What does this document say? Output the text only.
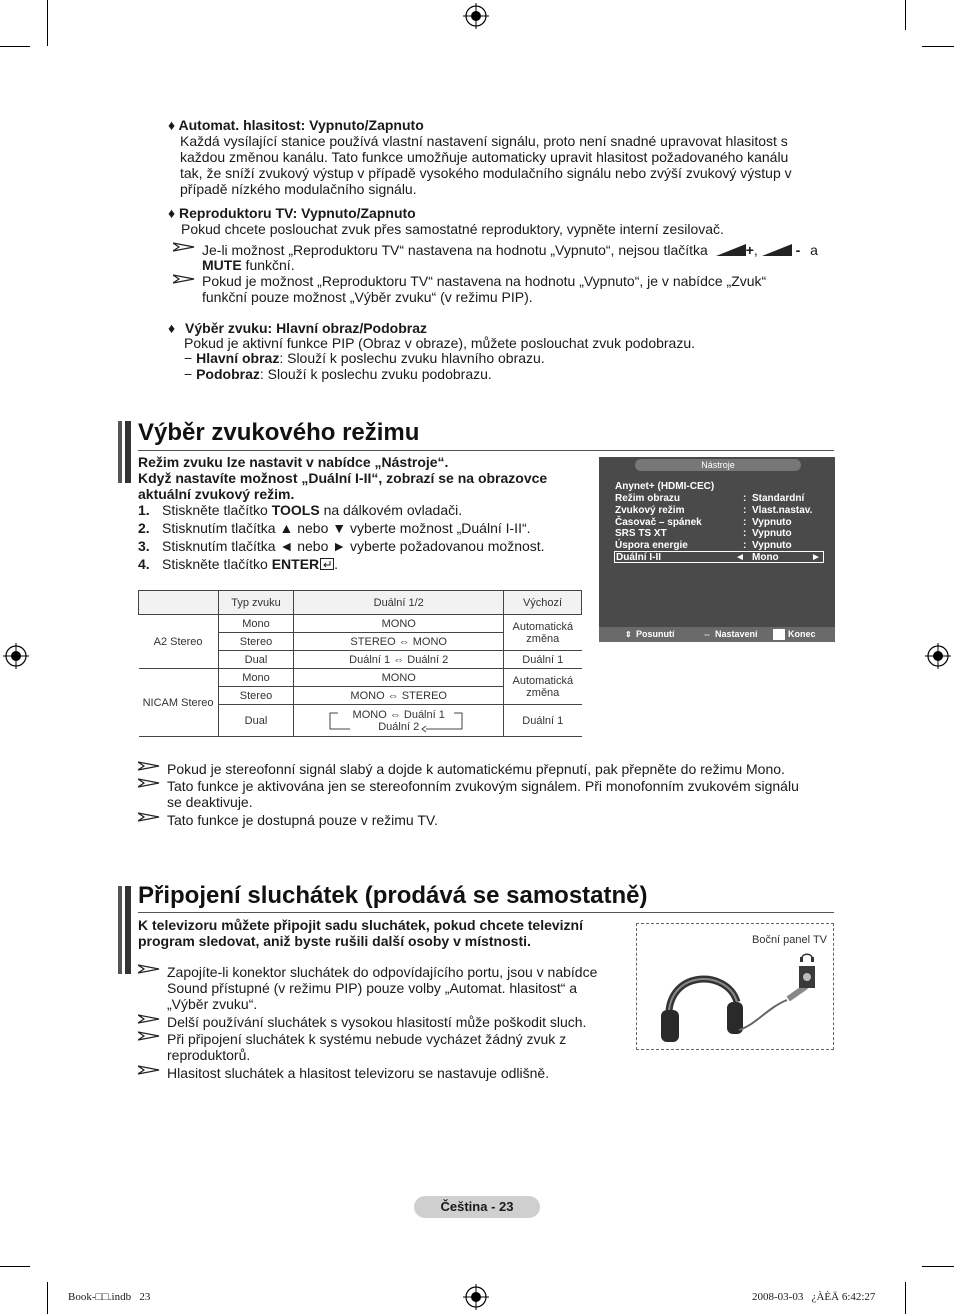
♦ Automat. hlasitost: Vypnuto/Zapnuto
Každá vysílající stanice používá vlastní nastavení signálu, proto není snadné upravovat hlasitost s
každou změnou kanálu. Tato funkce umožňuje automaticky upravit hlasitost požadovaného kanálu
tak, že sníží zvukový výstup v případě vysokého modulačního signálu nebo zvýší zvukový výstup v
případě nízkého modulačního signálu.
♦ Reproduktoru TV: Vypnuto/Zapnuto
Pokud chcete poslouchat zvuk přes samostatné reproduktory, vypněte interní zesilovač.
Je-li možnost „Reproduktoru TV“ nastavena na hodnotu „Vypnuto“, nejsou tlačítka	+,	- a
MUTE funkční.
Pokud je možnost „Reproduktoru TV“ nastavena na hodnotu „Vypnuto“, je v nabídce „Zvuk“
funkční pouze možnost „Výběr zvuku“ (v režimu PIP).
♦ Výběr zvuku: Hlavní obraz/Podobraz
Pokud je aktivní funkce PIP (Obraz v obraze), můžete poslouchat zvuk podobrazu.
− Hlavní obraz: Slouží k poslechu zvuku hlavního obrazu.
− Podobraz: Slouží k poslechu zvuku podobrazu.
Výběr zvukového režimu
Režim zvuku lze nastavit v nabídce „Nástroje“.
Když nastavíte možnost „Duální I-II“, zobrazí se na obrazovce
aktuální zvukový režim.
1. Stiskněte tlačítko TOOLS na dálkovém ovladači.
2. Stisknutím tlačítka ▲ nebo ▼ vyberte možnost „Duální I-II“.
3. Stisknutím tlačítka ◄ nebo ► vyberte požadovanou možnost.
4. Stiskněte tlačítko ENTER .
	Typ zvuku	Duální 1/2	Výchozí
A2 Stereo	Mono	MONO	Automatická
změna

	Stereo	STEREO ⇔ MONO	
	Dual	Duální 1 ⇔ Duální 2	Duální 1
NICAM Stereo	Mono	MONO	Automatická
změna

	Stereo	MONO ⇔ STEREO	
	Dual	MONO ⇔ Duální 1
Duální 2	Duální 1
Nástroje
Anynet+ (HDMI-CEC)
Režim obrazu	: Standardní
Zvukový režim	: Vlast.nastav.
Časovač – spánek	: Vypnuto
SRS TS XT	: Vypnuto
Úspora energie	: Vypnuto
Duální I-II	◄ Mono	►
⇕ Posunutí	⇔ Nastavení	Konec
Pokud je stereofonní signál slabý a dojde k automatickému přepnutí, pak přepněte do režimu Mono.
Tato funkce je aktivována jen se stereofonním zvukovým signálem. Při monofonním zvukovém signálu
se deaktivuje.
Tato funkce je dostupná pouze v režimu TV.
Připojení sluchátek (prodává se samostatně)
K televizoru můžete připojit sadu sluchátek, pokud chcete televizní
program sledovat, aniž byste rušili další osoby v místnosti.	Boční panel TV
Zapojíte-li konektor sluchátek do odpovídajícího portu, jsou v nabídce
Sound přístupné (v režimu PIP) pouze volby „Automat. hlasitost“ a
„Výběr zvuku“.
Delší používání sluchátek s vysokou hlasitostí může poškodit sluch.
Při připojení sluchátek k systému nebude vycházet žádný zvuk z
reproduktorů.
Hlasitost sluchátek a hlasitost televizoru se nastavuje odlišně.
Čeština - 23
Book-□□.indb   23	2008-03-03   ¿ÀÈÄ 6:42:27
